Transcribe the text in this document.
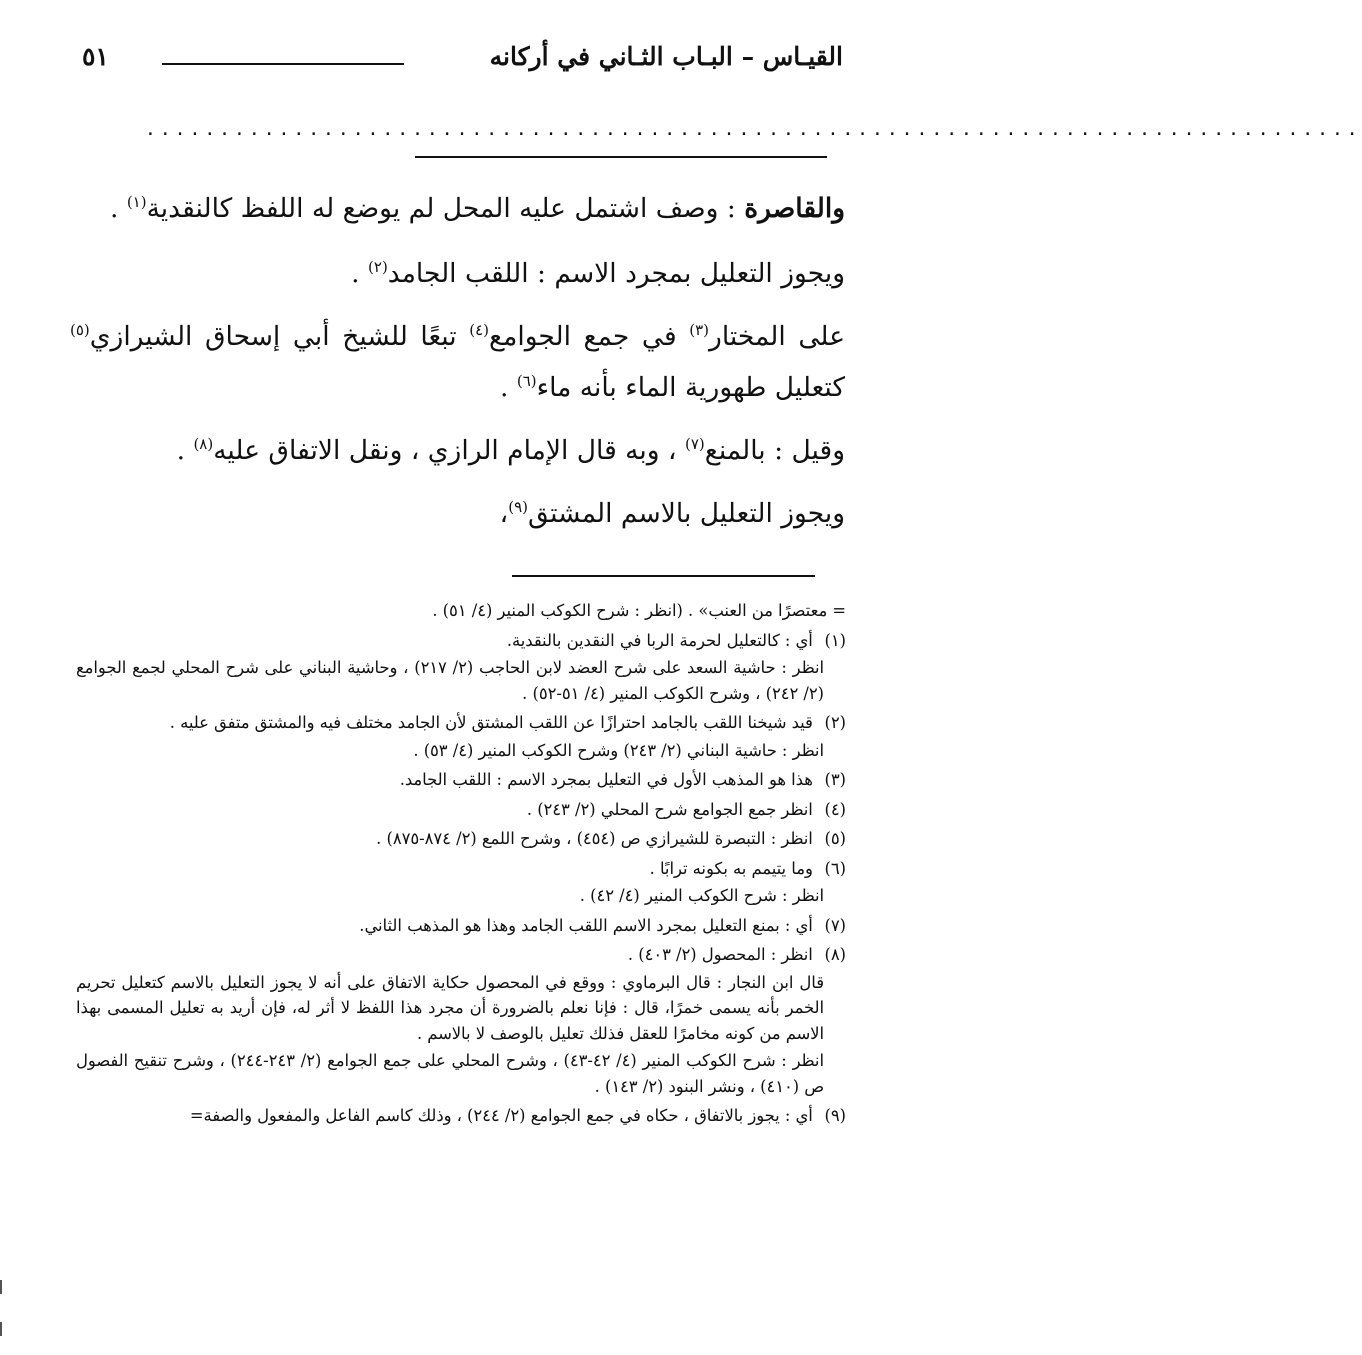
القيـاس – البـاب الثـاني في أركانه
٥١
..................................................................................

والقاصرة : وصف اشتمل عليه المحل لم يوضع له اللفظ كالنقدية$^{(١)}$ .

ويجوز التعليل بمجرد الاسم : اللقب الجامد$^{(٢)}$ .

على المختار$^{(٣)}$ في جمع الجوامع$^{(٤)}$ تبعًا للشيخ أبي إسحاق الشيرازي$^{(٥)}$ كتعليل طهورية الماء بأنه ماء$^{(٦)}$ .

وقيل : بالمنع$^{(٧)}$ ، وبه قال الإمام الرازي ، ونقل الاتفاق عليه$^{(٨)}$ .

ويجوز التعليل بالاسم المشتق$^{(٩)}$،

= معتصرًا من العنب» . (انظر : شرح الكوكب المنير (٤/ ٥١) .

(١) أي : كالتعليل لحرمة الربا في النقدين بالنقدية.

انظر : حاشية السعد على شرح العضد لابن الحاجب (٢/ ٢١٧) ، وحاشية البناني على شرح المحلي لجمع الجوامع (٢/ ٢٤٢) ، وشرح الكوكب المنير (٤/ ٥١-٥٢) .

(٢) قيد شيخنا اللقب بالجامد احترازًا عن اللقب المشتق لأن الجامد مختلف فيه والمشتق متفق عليه .

انظر : حاشية البناني (٢/ ٢٤٣) وشرح الكوكب المنير (٤/ ٥٣) .

(٣) هذا هو المذهب الأول في التعليل بمجرد الاسم : اللقب الجامد.

(٤) انظر جمع الجوامع شرح المحلي (٢/ ٢٤٣) .

(٥) انظر : التبصرة للشيرازي ص (٤٥٤) ، وشرح اللمع (٢/ ٨٧٤-٨٧٥) .

(٦) وما يتيمم به بكونه ترابًا .

انظر : شرح الكوكب المنير (٤/ ٤٢) .

(٧) أي : بمنع التعليل بمجرد الاسم اللقب الجامد وهذا هو المذهب الثاني.

(٨) انظر : المحصول (٢/ ٤٠٣) .

قال ابن النجار : قال البرماوي : ووقع في المحصول حكاية الاتفاق على أنه لا يجوز التعليل بالاسم كتعليل تحريم الخمر بأنه يسمى خمرًا، قال : فإنا نعلم بالضرورة أن مجرد هذا اللفظ لا أثر له، فإن أريد به تعليل المسمى بهذا الاسم من كونه مخامرًا للعقل فذلك تعليل بالوصف لا بالاسم .

انظر : شرح الكوكب المنير (٤/ ٤٢-٤٣) ، وشرح المحلي على جمع الجوامع (٢/ ٢٤٣-٢٤٤) ، وشرح تنقيح الفصول ص (٤١٠) ، ونشر البنود (٢/ ١٤٣) .

(٩) أي : يجوز بالاتفاق ، حكاه في جمع الجوامع (٢/ ٢٤٤) ، وذلك كاسم الفاعل والمفعول والصفة=
